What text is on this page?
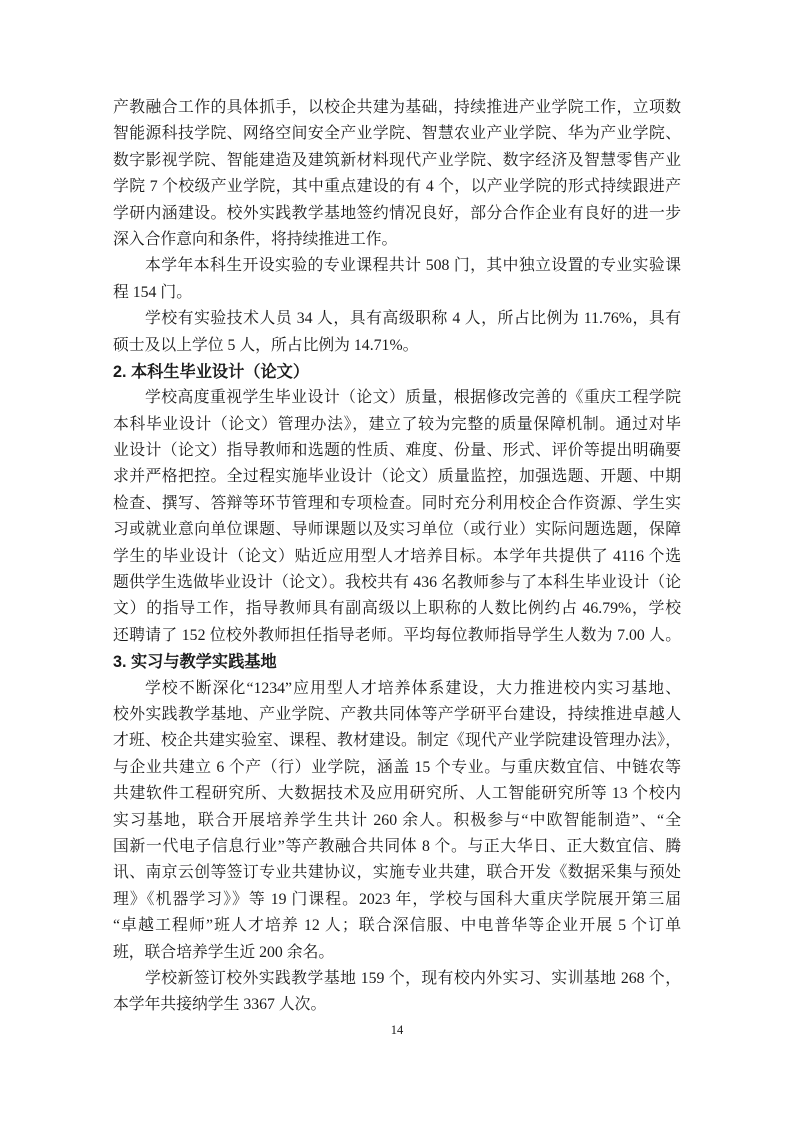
产教融合工作的具体抓手，以校企共建为基础，持续推进产业学院工作，立项数
智能源科技学院、网络空间安全产业学院、智慧农业产业学院、华为产业学院、
数字影视学院、智能建造及建筑新材料现代产业学院、数字经济及智慧零售产业
学院 7 个校级产业学院，其中重点建设的有 4 个，以产业学院的形式持续跟进产
学研内涵建设。校外实践教学基地签约情况良好，部分合作企业有良好的进一步
深入合作意向和条件，将持续推进工作。
本学年本科生开设实验的专业课程共计 508 门，其中独立设置的专业实验课
程 154 门。
学校有实验技术人员 34 人，具有高级职称 4 人，所占比例为 11.76%，具有
硕士及以上学位 5 人，所占比例为 14.71%。
2. 本科生毕业设计（论文）
学校高度重视学生毕业设计（论文）质量，根据修改完善的《重庆工程学院
本科毕业设计（论文）管理办法》，建立了较为完整的质量保障机制。通过对毕
业设计（论文）指导教师和选题的性质、难度、份量、形式、评价等提出明确要
求并严格把控。全过程实施毕业设计（论文）质量监控，加强选题、开题、中期
检查、撰写、答辩等环节管理和专项检查。同时充分利用校企合作资源、学生实
习或就业意向单位课题、导师课题以及实习单位（或行业）实际问题选题，保障
学生的毕业设计（论文）贴近应用型人才培养目标。本学年共提供了 4116 个选
题供学生选做毕业设计（论文）。我校共有 436 名教师参与了本科生毕业设计（论
文）的指导工作，指导教师具有副高级以上职称的人数比例约占 46.79%，学校
还聘请了 152 位校外教师担任指导老师。平均每位教师指导学生人数为 7.00 人。
3. 实习与教学实践基地
学校不断深化“1234”应用型人才培养体系建设，大力推进校内实习基地、
校外实践教学基地、产业学院、产教共同体等产学研平台建设，持续推进卓越人
才班、校企共建实验室、课程、教材建设。制定《现代产业学院建设管理办法》，
与企业共建立 6 个产（行）业学院，涵盖 15 个专业。与重庆数宜信、中链农等
共建软件工程研究所、大数据技术及应用研究所、人工智能研究所等 13 个校内
实习基地，联合开展培养学生共计 260 余人。积极参与“中欧智能制造”、“全
国新一代电子信息行业”等产教融合共同体 8 个。与正大华日、正大数宜信、腾
讯、南京云创等签订专业共建协议，实施专业共建，联合开发《数据采集与预处
理》《机器学习》》等 19 门课程。2023 年，学校与国科大重庆学院展开第三届
“卓越工程师”班人才培养 12 人；联合深信服、中电普华等企业开展 5 个订单
班，联合培养学生近 200 余名。
学校新签订校外实践教学基地 159 个，现有校内外实习、实训基地 268 个，
本学年共接纳学生 3367 人次。
14
